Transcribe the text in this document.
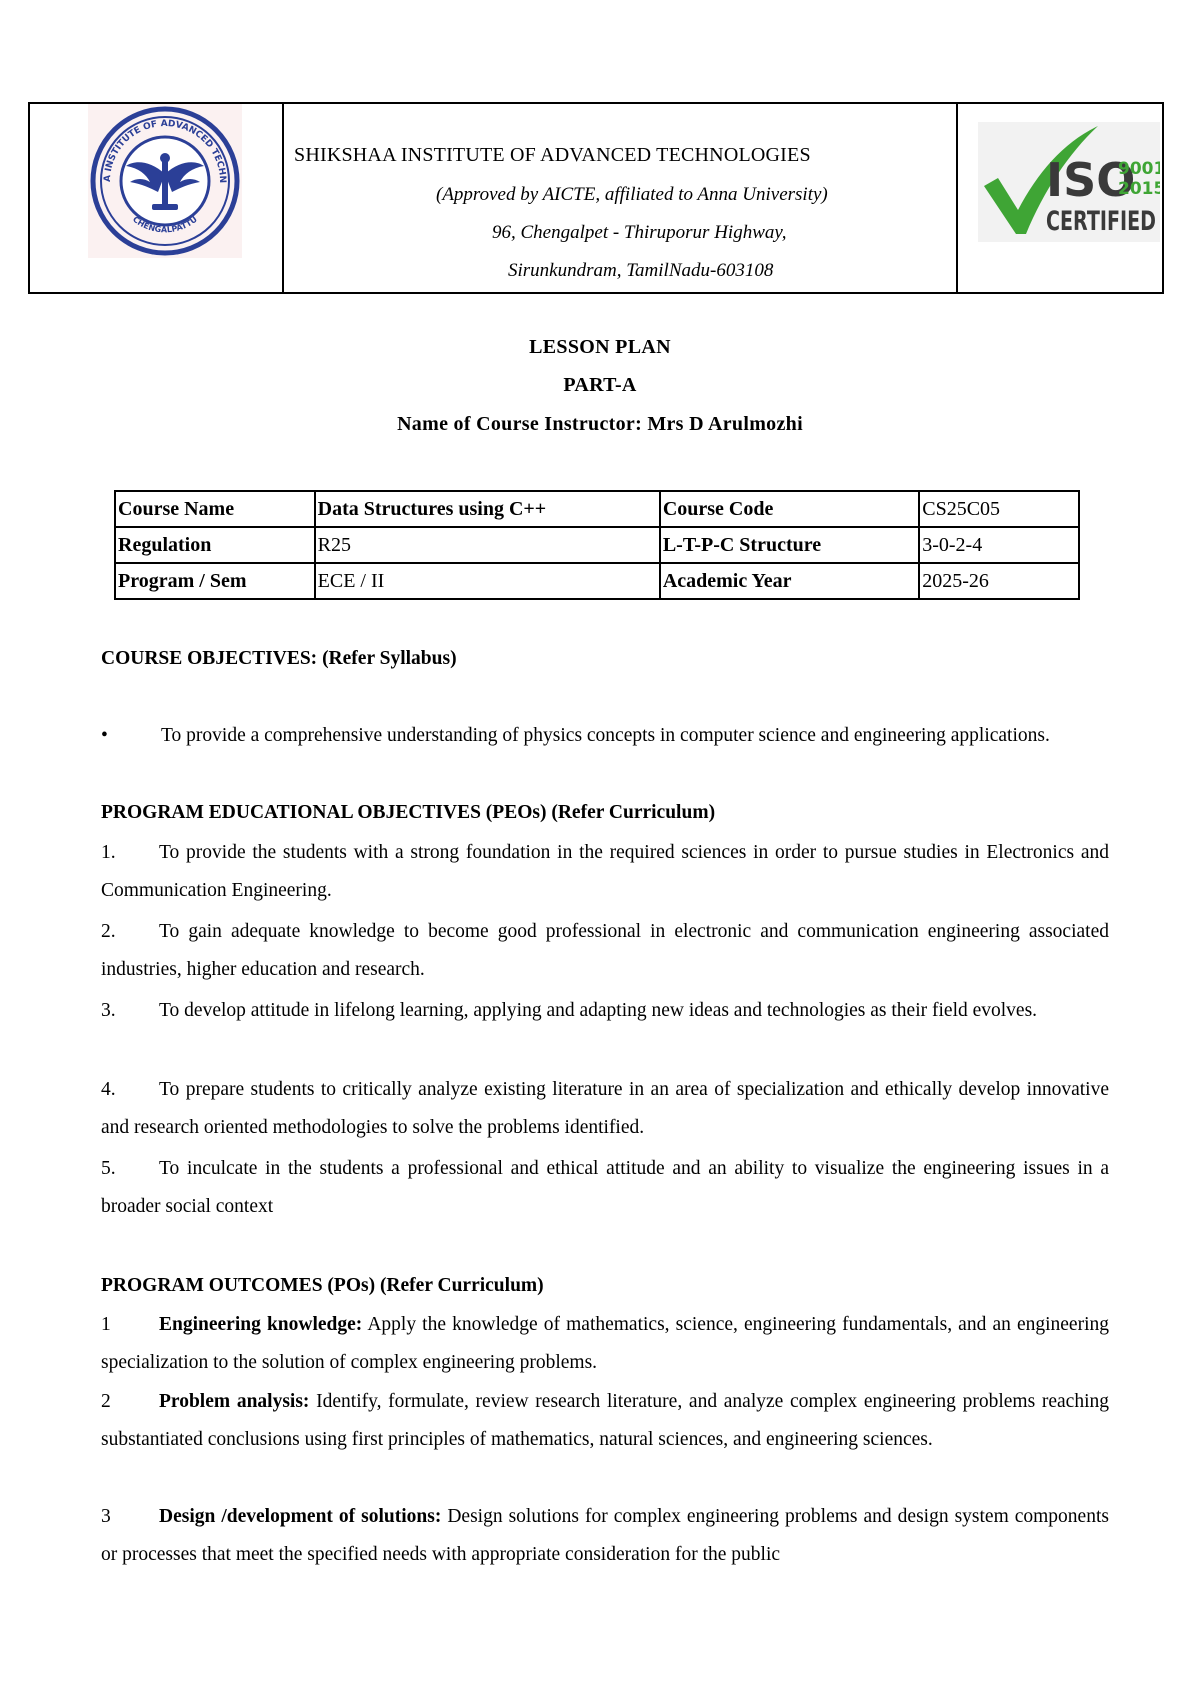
A INSTITUTE OF ADVANCED TECHN
CHENGALPATTU
SHIKSHAA INSTITUTE OF ADVANCED TECHNOLOGIES
(Approved by AICTE, affiliated to Anna University)
96, Chengalpet - Thiruporur Highway,
Sirunkundram, TamilNadu-603108
ISO
9001
2015
CERTIFIED
LESSON PLAN
PART-A
Name of Course Instructor: Mrs D Arulmozhi
Course Name	Data Structures using C++	Course Code	CS25C05
Regulation	R25	L-T-P-C Structure	3-0-2-4
Program / Sem	ECE / II	Academic Year	2025-26
COURSE OBJECTIVES: (Refer Syllabus)
•	To provide a comprehensive understanding of physics concepts in computer science and engineering applications.
PROGRAM EDUCATIONAL OBJECTIVES (PEOs) (Refer Curriculum)
1. To provide the students with a strong foundation in the required sciences in order to pursue studies in Electronics and Communication Engineering.
2. To gain adequate knowledge to become good professional in electronic and communication engineering associated industries, higher education and research.
3. To develop attitude in lifelong learning, applying and adapting new ideas and technologies as their field evolves.
4. To prepare students to critically analyze existing literature in an area of specialization and ethically develop innovative and research oriented methodologies to solve the problems identified.
5. To inculcate in the students a professional and ethical attitude and an ability to visualize the engineering issues in a broader social context
PROGRAM OUTCOMES (POs) (Refer Curriculum)
1 Engineering knowledge: Apply the knowledge of mathematics, science, engineering fundamentals, and an engineering specialization to the solution of complex engineering problems.
2 Problem analysis: Identify, formulate, review research literature, and analyze complex engineering problems reaching substantiated conclusions using first principles of mathematics, natural sciences, and engineering sciences.
3 Design /development of solutions: Design solutions for complex engineering problems and design system components or processes that meet the specified needs with appropriate consideration for the public
